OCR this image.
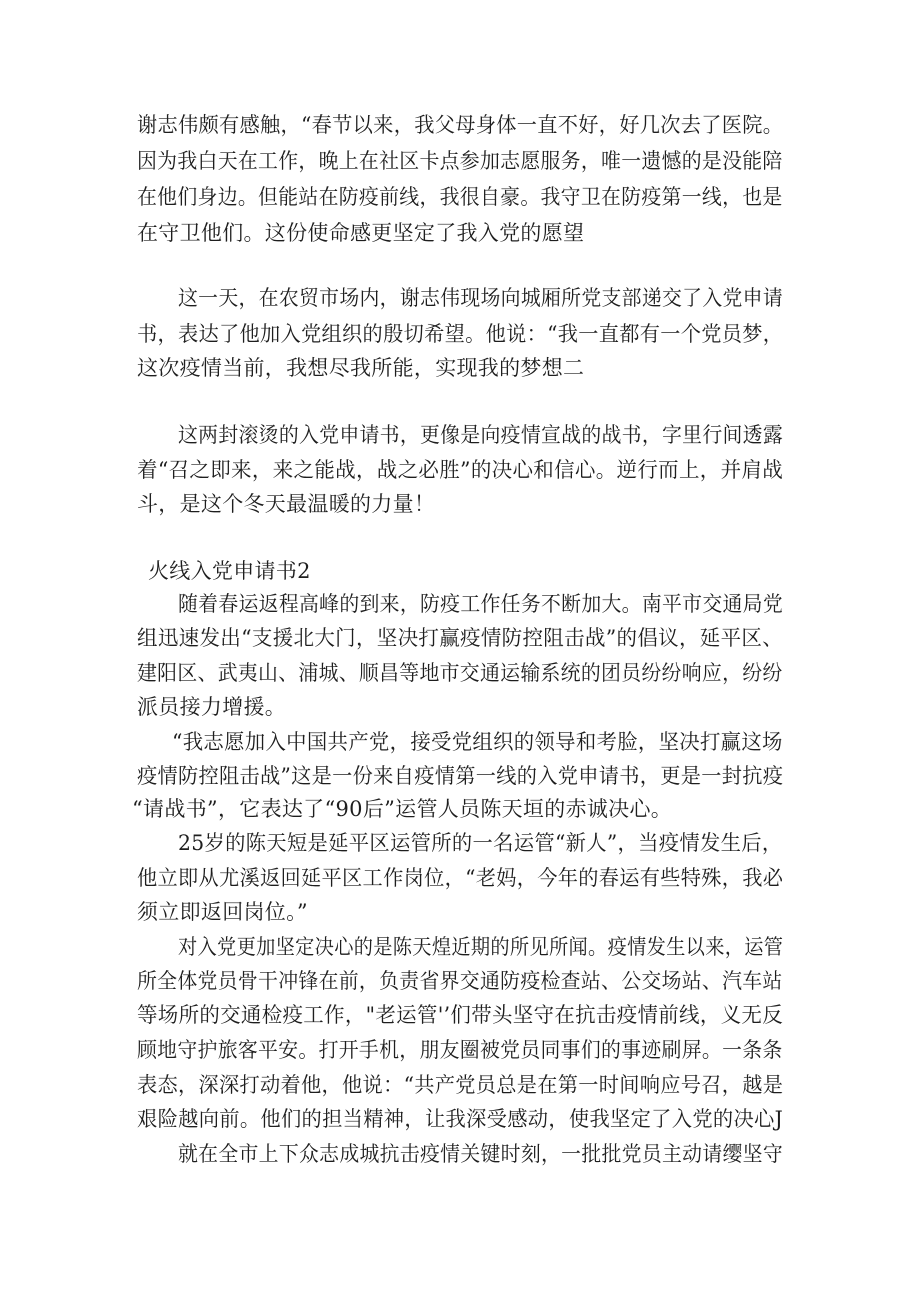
谢志伟颇有感触，“春节以来，我父母身体一直不好，好几次去了医院。
因为我白天在工作，晚上在社区卡点参加志愿服务，唯一遗憾的是没能陪
在他们身边。但能站在防疫前线，我很自豪。我守卫在防疫第一线，也是
在守卫他们。这份使命感更坚定了我入党的愿望
这一天，在农贸市场内，谢志伟现场向城厢所党支部递交了入党申请
书，表达了他加入党组织的殷切希望。他说：“我一直都有一个党员梦，
这次疫情当前，我想尽我所能，实现我的梦想二
这两封滚烫的入党申请书，更像是向疫情宣战的战书，字里行间透露
着“召之即来，来之能战，战之必胜”的决心和信心。逆行而上，并肩战
斗，是这个冬天最温暖的力量！
火线入党申请书2
随着春运返程高峰的到来，防疫工作任务不断加大。南平市交通局党
组迅速发出“支援北大门，坚决打赢疫情防控阻击战”的倡议，延平区、
建阳区、武夷山、浦城、顺昌等地市交通运输系统的团员纷纷响应，纷纷
派员接力增援。
“我志愿加入中国共产党，接受党组织的领导和考脸，坚决打赢这场
疫情防控阻击战”这是一份来自疫情第一线的入党申请书，更是一封抗疫
“请战书”，它表达了“90后”运管人员陈天垣的赤诚决心。
25岁的陈天短是延平区运管所的一名运管“新人”，当疫情发生后，
他立即从尤溪返回延平区工作岗位，“老妈，今年的春运有些特殊，我必
须立即返回岗位。”
对入党更加坚定决心的是陈天煌近期的所见所闻。疫情发生以来，运管
所全体党员骨干冲锋在前，负责省界交通防疫检查站、公交场站、汽车站
等场所的交通检疫工作，"老运管'’们带头坚守在抗击疫情前线，义无反
顾地守护旅客平安。打开手机，朋友圈被党员同事们的事迹刷屏。一条条
表态，深深打动着他，他说：“共产党员总是在第一时间响应号召，越是
艰险越向前。他们的担当精神，让我深受感动，使我坚定了入党的决心J
就在全市上下众志成城抗击疫情关键时刻，一批批党员主动请缨坚守
